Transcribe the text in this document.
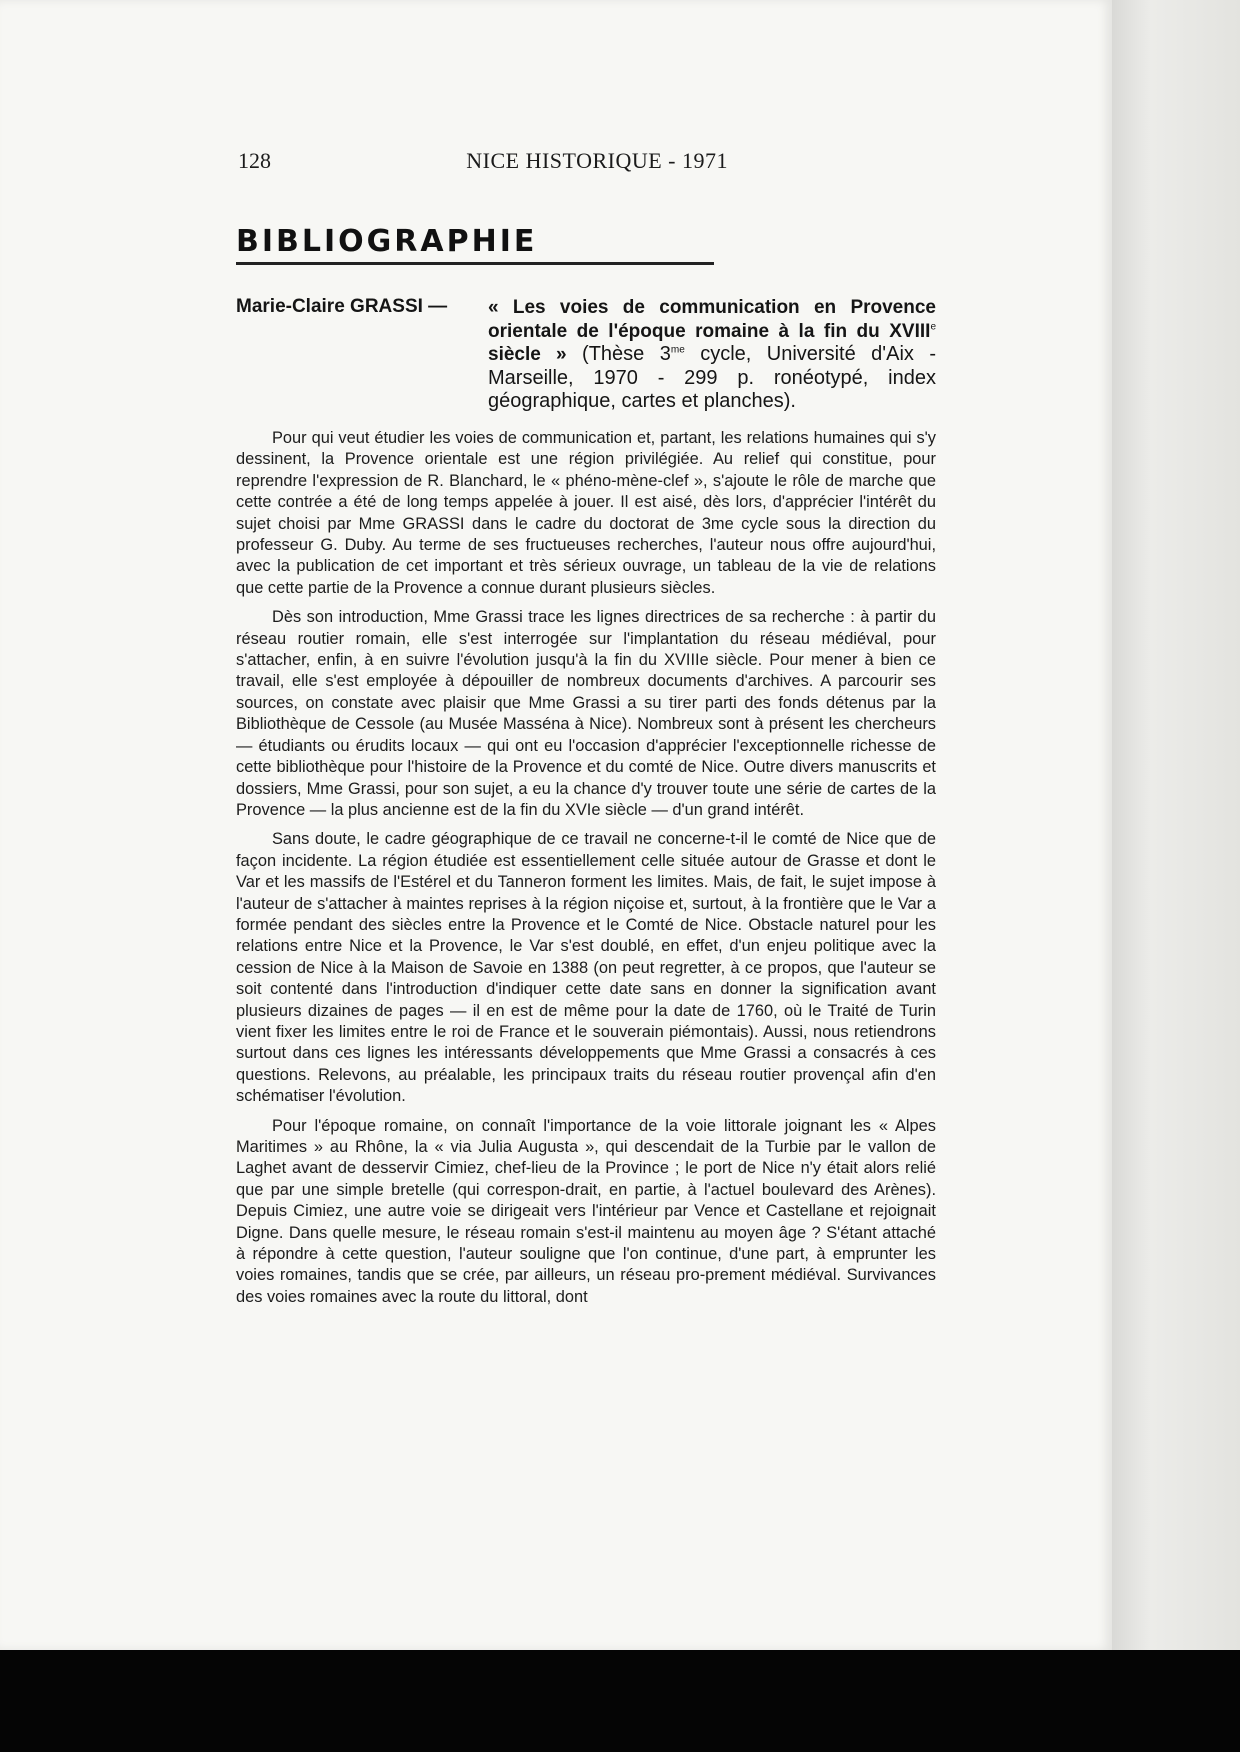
128	NICE HISTORIQUE - 1971
BIBLIOGRAPHIE
Marie-Claire GRASSI — « Les voies de communication en Provence orientale de l'époque romaine à la fin du XVIIIe siècle » (Thèse $3^{me}$ cycle, Université d'Aix - Marseille, 1970 - 299 p. ronéotypé, index géographique, cartes et planches).

Pour qui veut étudier les voies de communication et, partant, les relations humaines qui s'y dessinent, la Provence orientale est une région privilégiée. Au relief qui constitue, pour reprendre l'expression de R. Blanchard, le « phéno-mène-clef », s'ajoute le rôle de marche que cette contrée a été de long temps appelée à jouer. Il est aisé, dès lors, d'apprécier l'intérêt du sujet choisi par Mme GRASSI dans le cadre du doctorat de 3me cycle sous la direction du professeur G. Duby. Au terme de ses fructueuses recherches, l'auteur nous offre aujourd'hui, avec la publication de cet important et très sérieux ouvrage, un tableau de la vie de relations que cette partie de la Provence a connue durant plusieurs siècles.

Dès son introduction, Mme Grassi trace les lignes directrices de sa recherche : à partir du réseau routier romain, elle s'est interrogée sur l'implantation du réseau médiéval, pour s'attacher, enfin, à en suivre l'évolution jusqu'à la fin du XVIIIe siècle. Pour mener à bien ce travail, elle s'est employée à dépouiller de nombreux documents d'archives. A parcourir ses sources, on constate avec plaisir que Mme Grassi a su tirer parti des fonds détenus par la Bibliothèque de Cessole (au Musée Masséna à Nice). Nombreux sont à présent les chercheurs — étudiants ou érudits locaux — qui ont eu l'occasion d'apprécier l'exceptionnelle richesse de cette bibliothèque pour l'histoire de la Provence et du comté de Nice. Outre divers manuscrits et dossiers, Mme Grassi, pour son sujet, a eu la chance d'y trouver toute une série de cartes de la Provence — la plus ancienne est de la fin du XVIe siècle — d'un grand intérêt.

Sans doute, le cadre géographique de ce travail ne concerne-t-il le comté de Nice que de façon incidente. La région étudiée est essentiellement celle située autour de Grasse et dont le Var et les massifs de l'Estérel et du Tanneron forment les limites. Mais, de fait, le sujet impose à l'auteur de s'attacher à maintes reprises à la région niçoise et, surtout, à la frontière que le Var a formée pendant des siècles entre la Provence et le Comté de Nice. Obstacle naturel pour les relations entre Nice et la Provence, le Var s'est doublé, en effet, d'un enjeu politique avec la cession de Nice à la Maison de Savoie en 1388 (on peut regretter, à ce propos, que l'auteur se soit contenté dans l'introduction d'indiquer cette date sans en donner la signification avant plusieurs dizaines de pages — il en est de même pour la date de 1760, où le Traité de Turin vient fixer les limites entre le roi de France et le souverain piémontais). Aussi, nous retiendrons surtout dans ces lignes les intéressants développements que Mme Grassi a consacrés à ces questions. Relevons, au préalable, les principaux traits du réseau routier provençal afin d'en schématiser l'évolution.

Pour l'époque romaine, on connaît l'importance de la voie littorale joignant les « Alpes Maritimes » au Rhône, la « via Julia Augusta », qui descendait de la Turbie par le vallon de Laghet avant de desservir Cimiez, chef-lieu de la Province ; le port de Nice n'y était alors relié que par une simple bretelle (qui correspon-drait, en partie, à l'actuel boulevard des Arènes). Depuis Cimiez, une autre voie se dirigeait vers l'intérieur par Vence et Castellane et rejoignait Digne. Dans quelle mesure, le réseau romain s'est-il maintenu au moyen âge ? S'étant attaché à répondre à cette question, l'auteur souligne que l'on continue, d'une part, à emprunter les voies romaines, tandis que se crée, par ailleurs, un réseau pro-prement médiéval. Survivances des voies romaines avec la route du littoral, dont
